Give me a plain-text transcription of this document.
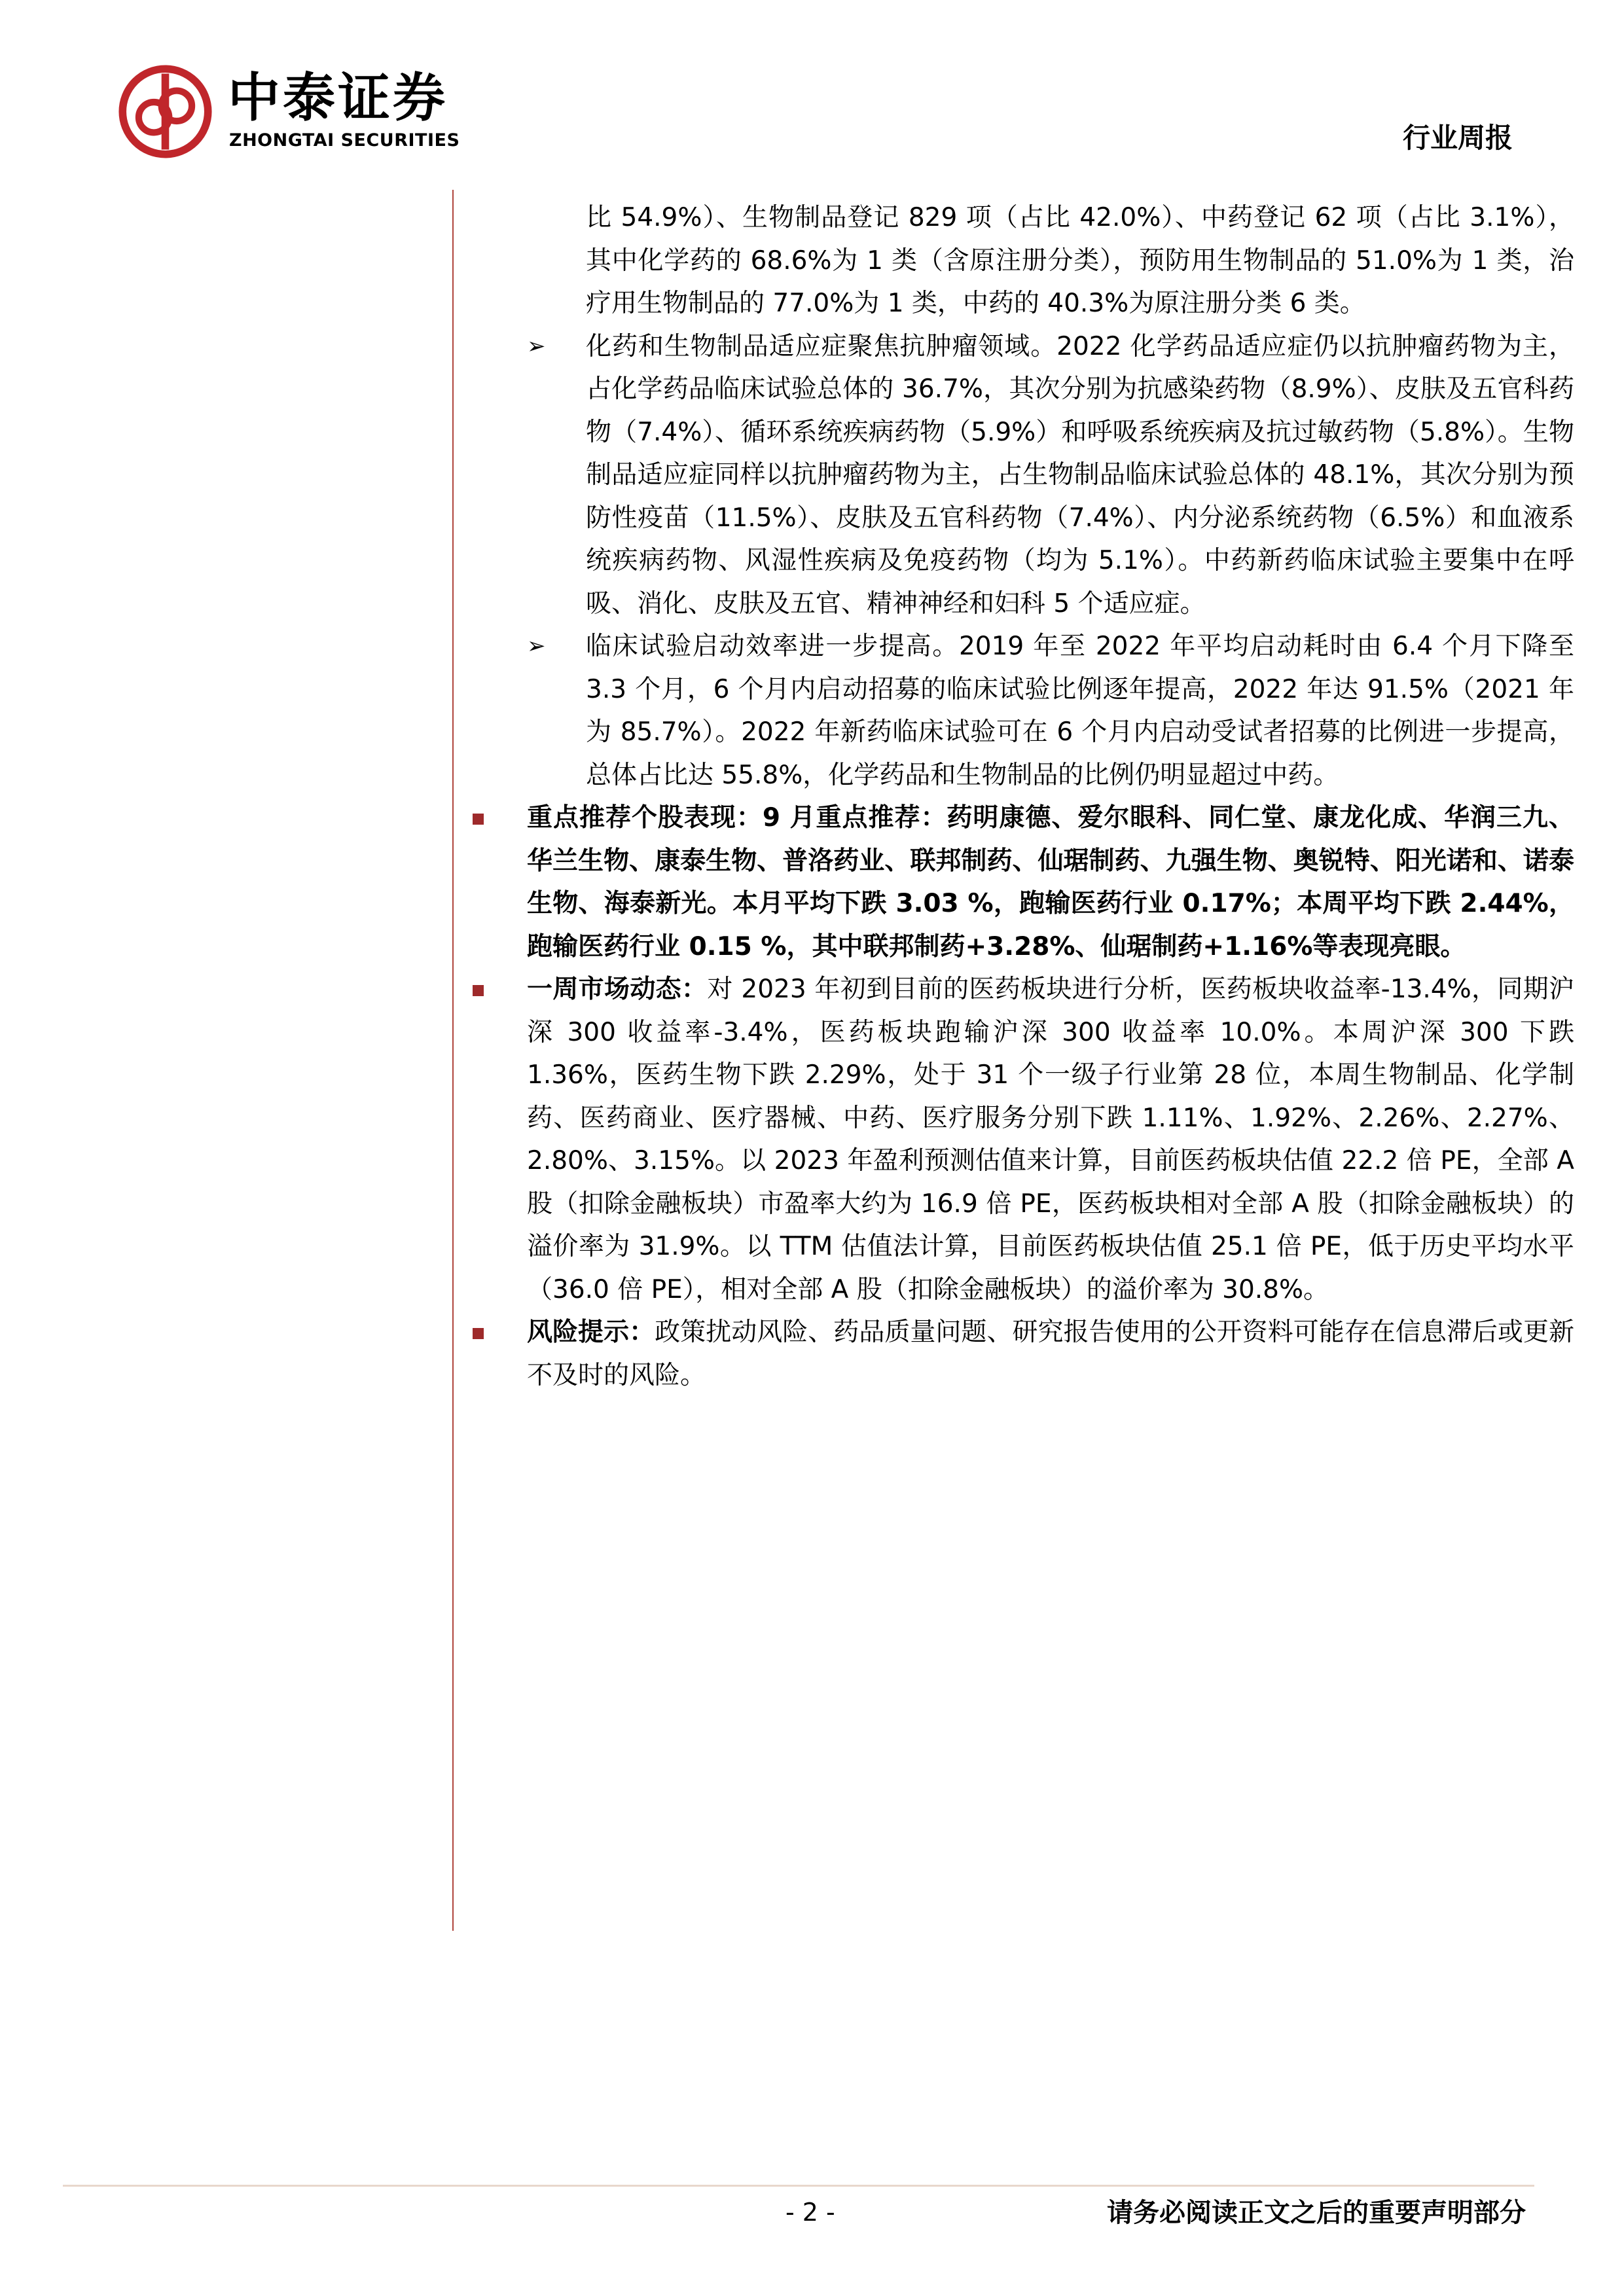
中泰证券
ZHONGTAI SECURITIES	行业周报

比 54.9%）、生物制品登记 829 项（占比 42.0%）、中药登记 62 项（占比 3.1%），其中化学药的 68.6%为 1 类（含原注册分类），预防用生物制品的 51.0%为 1 类，治疗用生物制品的 77.0%为 1 类，中药的 40.3%为原注册分类 6 类。

➢ 化药和生物制品适应症聚焦抗肿瘤领域。2022 化学药品适应症仍以抗肿瘤药物为主，占化学药品临床试验总体的 36.7%，其次分别为抗感染药物（8.9%）、皮肤及五官科药物（7.4%）、循环系统疾病药物（5.9%）和呼吸系统疾病及抗过敏药物（5.8%）。生物制品适应症同样以抗肿瘤药物为主，占生物制品临床试验总体的 48.1%，其次分别为预防性疫苗（11.5%）、皮肤及五官科药物（7.4%）、内分泌系统药物（6.5%）和血液系统疾病药物、风湿性疾病及免疫药物（均为 5.1%）。中药新药临床试验主要集中在呼吸、消化、皮肤及五官、精神神经和妇科 5 个适应症。
➢ 临床试验启动效率进一步提高。2019 年至 2022 年平均启动耗时由 6.4 个月下降至 3.3 个月，6 个月内启动招募的临床试验比例逐年提高，2022 年达 91.5%（2021 年为 85.7%）。2022 年新药临床试验可在 6 个月内启动受试者招募的比例进一步提高，总体占比达 55.8%，化学药品和生物制品的比例仍明显超过中药。
重点推荐个股表现：9 月重点推荐：药明康德、爱尔眼科、同仁堂、康龙化成、华润三九、华兰生物、康泰生物、普洛药业、联邦制药、仙琚制药、九强生物、奥锐特、阳光诺和、诺泰生物、海泰新光。本月平均下跌 3.03 %，跑输医药行业 0.17%；本周平均下跌 2.44%，跑输医药行业 0.15 %，其中联邦制药+3.28%、仙琚制药+1.16%等表现亮眼。
一周市场动态：对 2023 年初到目前的医药板块进行分析，医药板块收益率-13.4%，同期沪深 300 收益率-3.4%，医药板块跑输沪深 300 收益率 10.0%。本周沪深 300 下跌 1.36%，医药生物下跌 2.29%，处于 31 个一级子行业第 28 位，本周生物制品、化学制药、医药商业、医疗器械、中药、医疗服务分别下跌 1.11%、1.92%、2.26%、2.27%、2.80%、3.15%。以 2023 年盈利预测估值来计算，目前医药板块估值 22.2 倍 PE，全部 A 股（扣除金融板块）市盈率大约为 16.9 倍 PE，医药板块相对全部 A 股（扣除金融板块）的溢价率为 31.9%。以 TTM 估值法计算，目前医药板块估值 25.1 倍 PE，低于历史平均水平（36.0 倍 PE），相对全部 A 股（扣除金融板块）的溢价率为 30.8%。
风险提示：政策扰动风险、药品质量问题、研究报告使用的公开资料可能存在信息滞后或更新不及时的风险。
- 2 -	请务必阅读正文之后的重要声明部分
